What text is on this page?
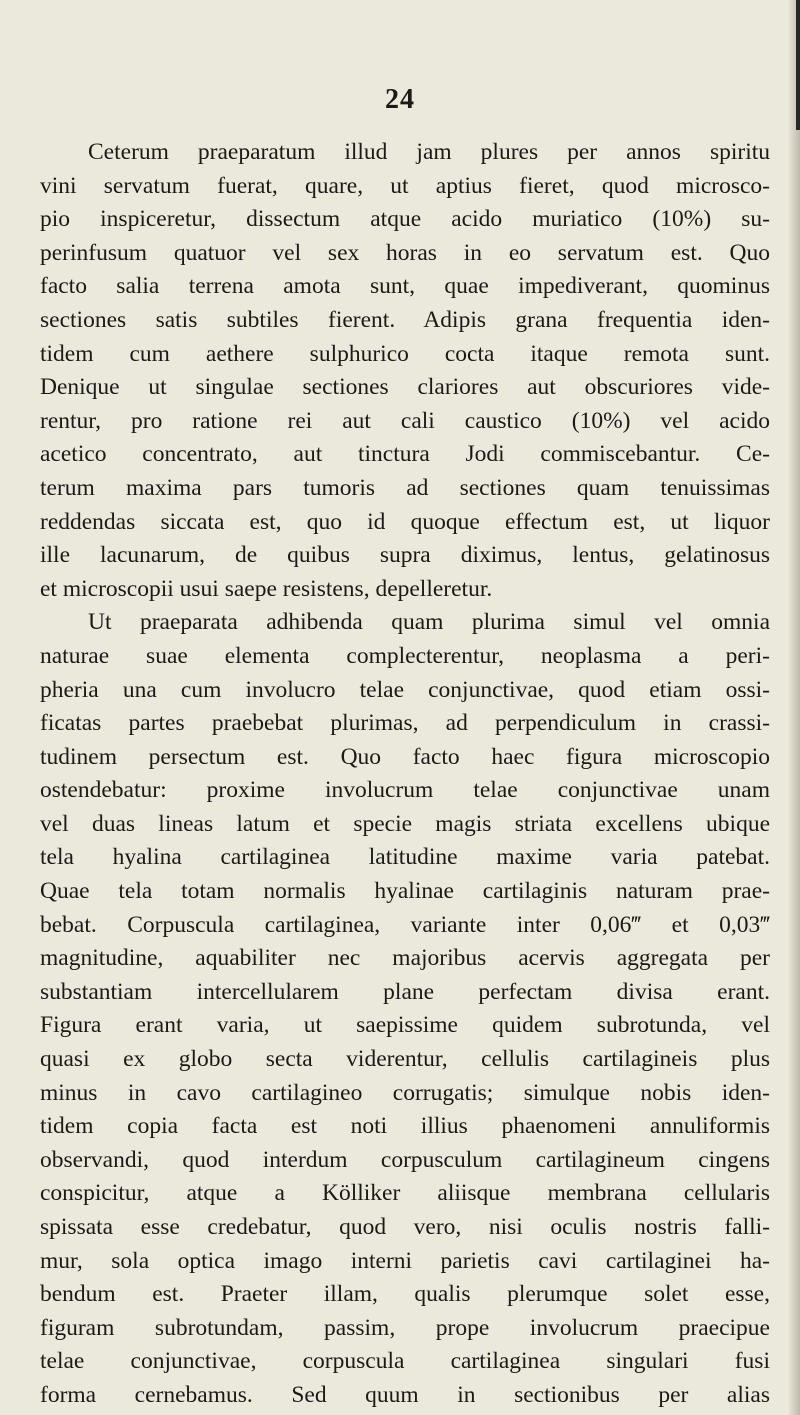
24
Ceterum praeparatum illud jam plures per annos spiritu
vini servatum fuerat, quare, ut aptius fieret, quod microsco-
pio inspiceretur, dissectum atque acido muriatico (10%) su-
perinfusum quatuor vel sex horas in eo servatum est. Quo
facto salia terrena amota sunt, quae impediverant, quominus
sectiones satis subtiles fierent. Adipis grana frequentia iden-
tidem cum aethere sulphurico cocta itaque remota sunt.
Denique ut singulae sectiones clariores aut obscuriores vide-
rentur, pro ratione rei aut cali caustico (10%) vel acido
acetico concentrato, aut tinctura Jodi commiscebantur. Ce-
terum maxima pars tumoris ad sectiones quam tenuissimas
reddendas siccata est, quo id quoque effectum est, ut liquor
ille lacunarum, de quibus supra diximus, lentus, gelatinosus
et microscopii usui saepe resistens, depelleretur.
Ut praeparata adhibenda quam plurima simul vel omnia
naturae suae elementa complecterentur, neoplasma a peri-
pheria una cum involucro telae conjunctivae, quod etiam ossi-
ficatas partes praebebat plurimas, ad perpendiculum in crassi-
tudinem persectum est. Quo facto haec figura microscopio
ostendebatur: proxime involucrum telae conjunctivae unam
vel duas lineas latum et specie magis striata excellens ubique
tela hyalina cartilaginea latitudine maxime varia patebat.
Quae tela totam normalis hyalinae cartilaginis naturam prae-
bebat. Corpuscula cartilaginea, variante inter 0,06‴ et 0,03‴
magnitudine, aquabiliter nec majoribus acervis aggregata per
substantiam intercellularem plane perfectam divisa erant.
Figura erant varia, ut saepissime quidem subrotunda, vel
quasi ex globo secta viderentur, cellulis cartilagineis plus
minus in cavo cartilagineo corrugatis; simulque nobis iden-
tidem copia facta est noti illius phaenomeni annuliformis
observandi, quod interdum corpusculum cartilagineum cingens
conspicitur, atque a Kölliker aliisque membrana cellularis
spissata esse credebatur, quod vero, nisi oculis nostris falli-
mur, sola optica imago interni parietis cavi cartilaginei ha-
bendum est. Praeter illam, qualis plerumque solet esse,
figuram subrotundam, passim, prope involucrum praecipue
telae conjunctivae, corpuscula cartilaginea singulari fusi
forma cernebamus. Sed quum in sectionibus per alias
